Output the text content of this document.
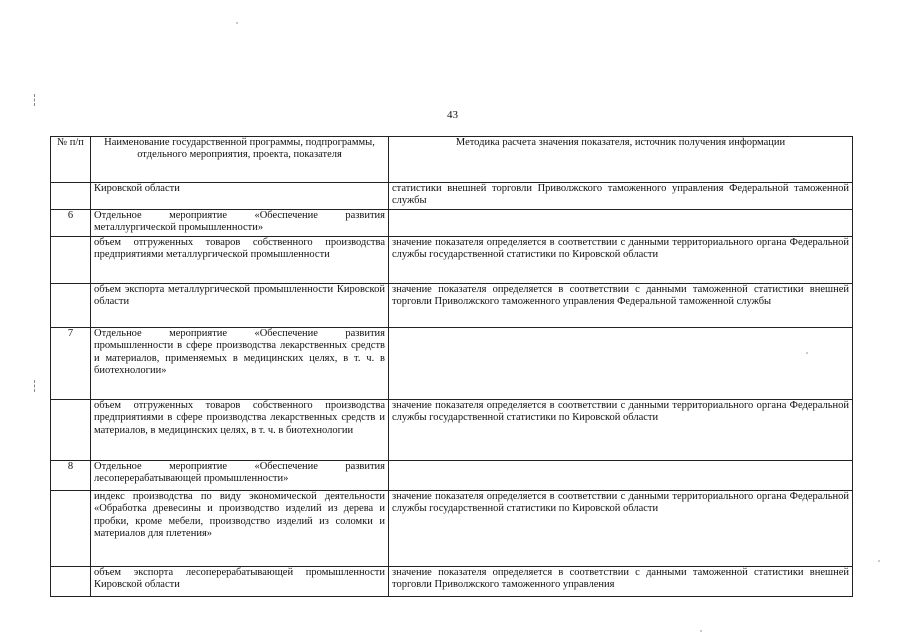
43
№ п/п	Наименование государственной программы, подпрограммы, отдельного мероприятия, проекта, показателя	Методика расчета значения показателя, источник получения информации
	Кировской области	статистики внешней торговли Приволжского таможенного управления Федеральной таможенной службы
6	Отдельное мероприятие «Обеспечение развития металлургической промышленности»	
	объем отгруженных товаров собственного производства предприятиями металлургической промышленности	значение показателя определяется в соответствии с данными территориального органа Федеральной службы государственной статистики по Кировской области
	объем экспорта металлургической промышленности Кировской области	значение показателя определяется в соответствии с данными таможенной статистики внешней торговли Приволжского таможенного управления Федеральной таможенной службы
7	Отдельное мероприятие «Обеспечение развития промышленности в сфере производства лекарственных средств и материалов, применяемых в медицинских целях, в т. ч. в биотехнологии»	
	объем отгруженных товаров собственного производства предприятиями в сфере производства лекарственных средств и материалов, в медицинских целях, в т. ч. в биотехнологии	значение показателя определяется в соответствии с данными территориального органа Федеральной службы государственной статистики по Кировской области
8	Отдельное мероприятие «Обеспечение развития лесоперерабатывающей промышленности»	
	индекс производства по виду экономической деятельности «Обработка древесины и производство изделий из дерева и пробки, кроме мебели, производство изделий из соломки и материалов для плетения»	значение показателя определяется в соответствии с данными территориального органа Федеральной службы государственной статистики по Кировской области
	объем экспорта лесоперерабатывающей промышленности Кировской области	значение показателя определяется в соответствии с данными таможенной статистики внешней торговли Приволжского таможенного управления
